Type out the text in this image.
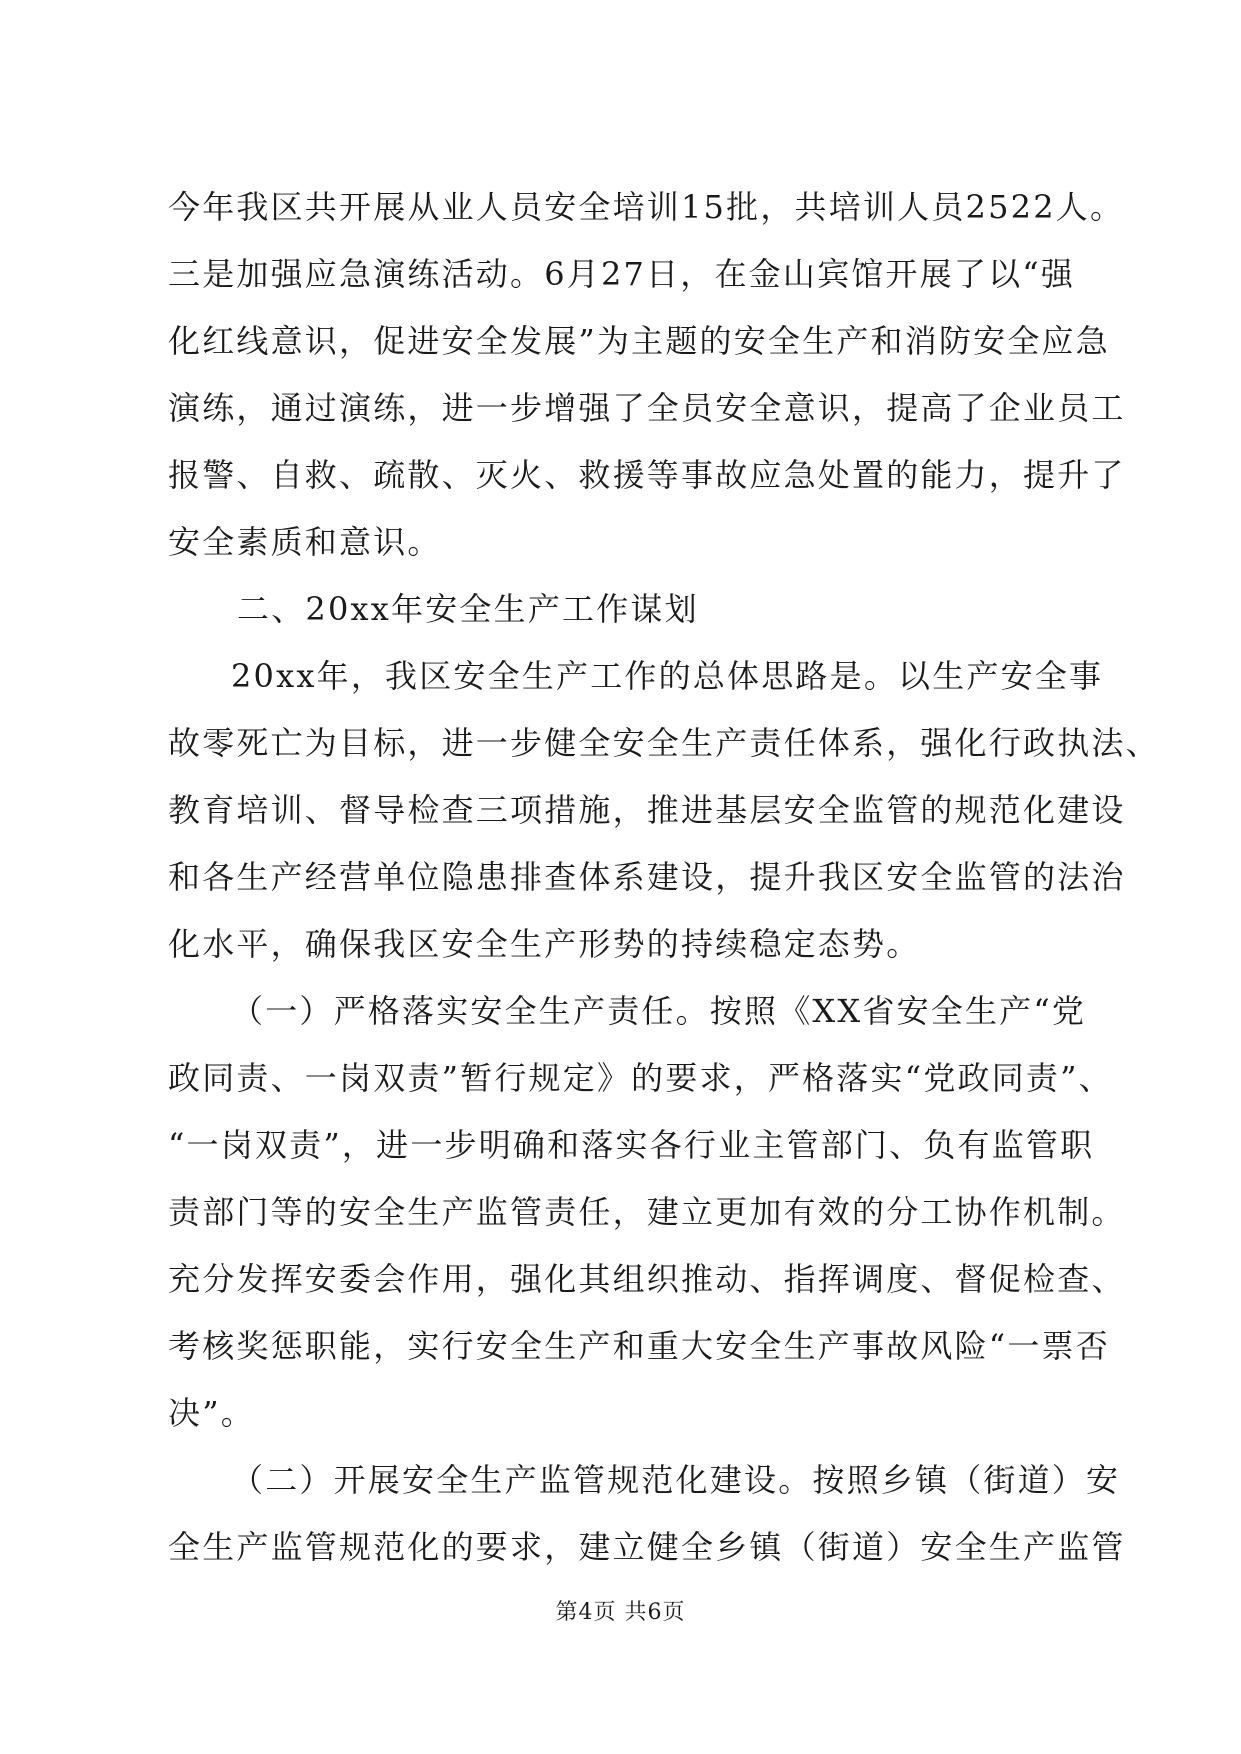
今年我区共开展从业人员安全培训15批，共培训人员2522人。
三是加强应急演练活动。6月27日，在金山宾馆开展了以“强
化红线意识，促进安全发展”为主题的安全生产和消防安全应急
演练，通过演练，进一步增强了全员安全意识，提高了企业员工
报警、自救、疏散、灭火、救援等事故应急处置的能力，提升了
安全素质和意识。
二、20xx年安全生产工作谋划
20xx年，我区安全生产工作的总体思路是。以生产安全事
故零死亡为目标，进一步健全安全生产责任体系，强化行政执法、
教育培训、督导检查三项措施，推进基层安全监管的规范化建设
和各生产经营单位隐患排查体系建设，提升我区安全监管的法治
化水平，确保我区安全生产形势的持续稳定态势。
（一）严格落实安全生产责任。按照《XX省安全生产“党
政同责、一岗双责”暂行规定》的要求，严格落实“党政同责”、
“一岗双责”，进一步明确和落实各行业主管部门、负有监管职
责部门等的安全生产监管责任，建立更加有效的分工协作机制。
充分发挥安委会作用，强化其组织推动、指挥调度、督促检查、
考核奖惩职能，实行安全生产和重大安全生产事故风险“一票否
决”。
（二）开展安全生产监管规范化建设。按照乡镇（街道）安
全生产监管规范化的要求，建立健全乡镇（街道）安全生产监管
第4页 共6页
